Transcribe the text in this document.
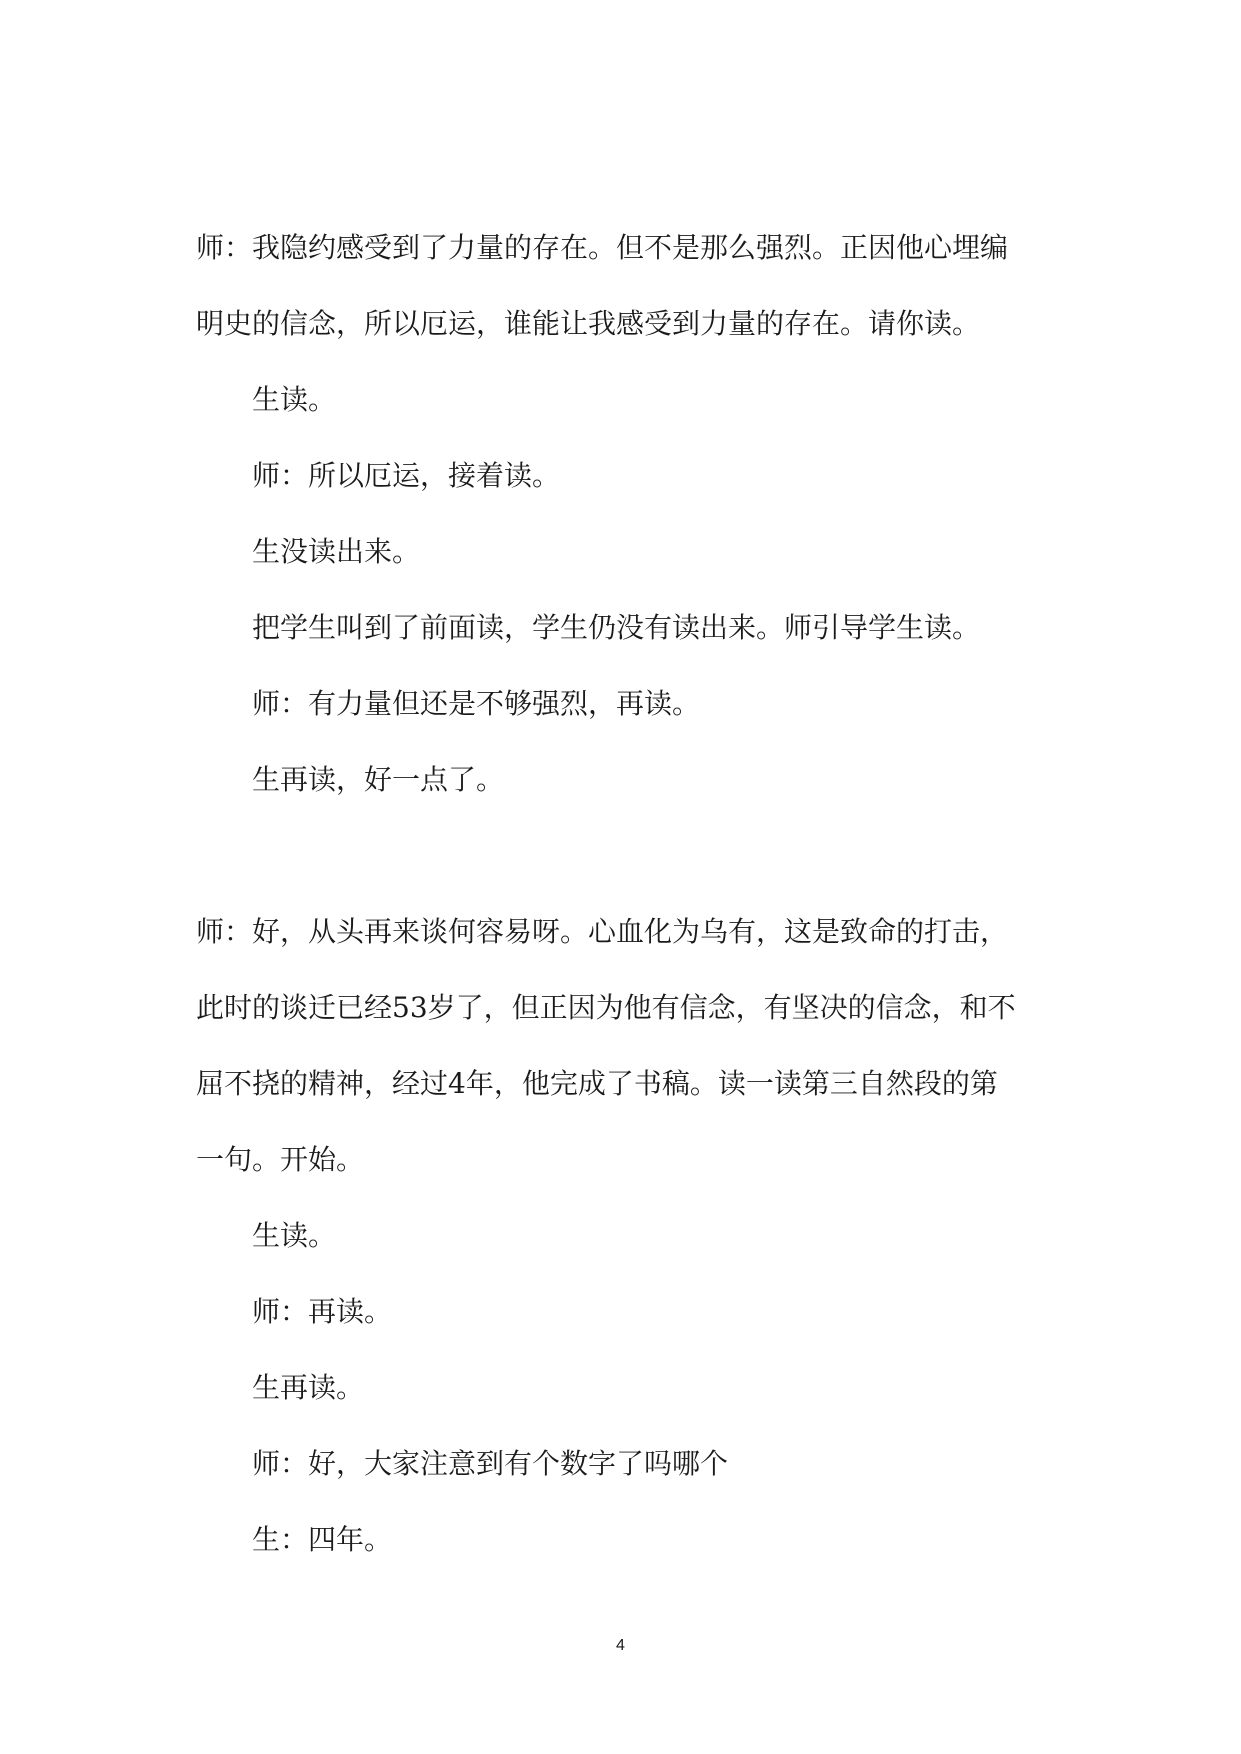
师：我隐约感受到了力量的存在。但不是那么强烈。正因他心埋编

明史的信念，所以厄运，谁能让我感受到力量的存在。请你读。

生读。

师：所以厄运，接着读。

生没读出来。

把学生叫到了前面读，学生仍没有读出来。师引导学生读。

师：有力量但还是不够强烈，再读。

生再读，好一点了。

师：好，从头再来谈何容易呀。心血化为乌有，这是致命的打击，

此时的谈迁已经53岁了，但正因为他有信念，有坚决的信念，和不

屈不挠的精神，经过4年，他完成了书稿。读一读第三自然段的第

一句。开始。

生读。

师：再读。

生再读。

师：好，大家注意到有个数字了吗哪个

生：四年。

4
